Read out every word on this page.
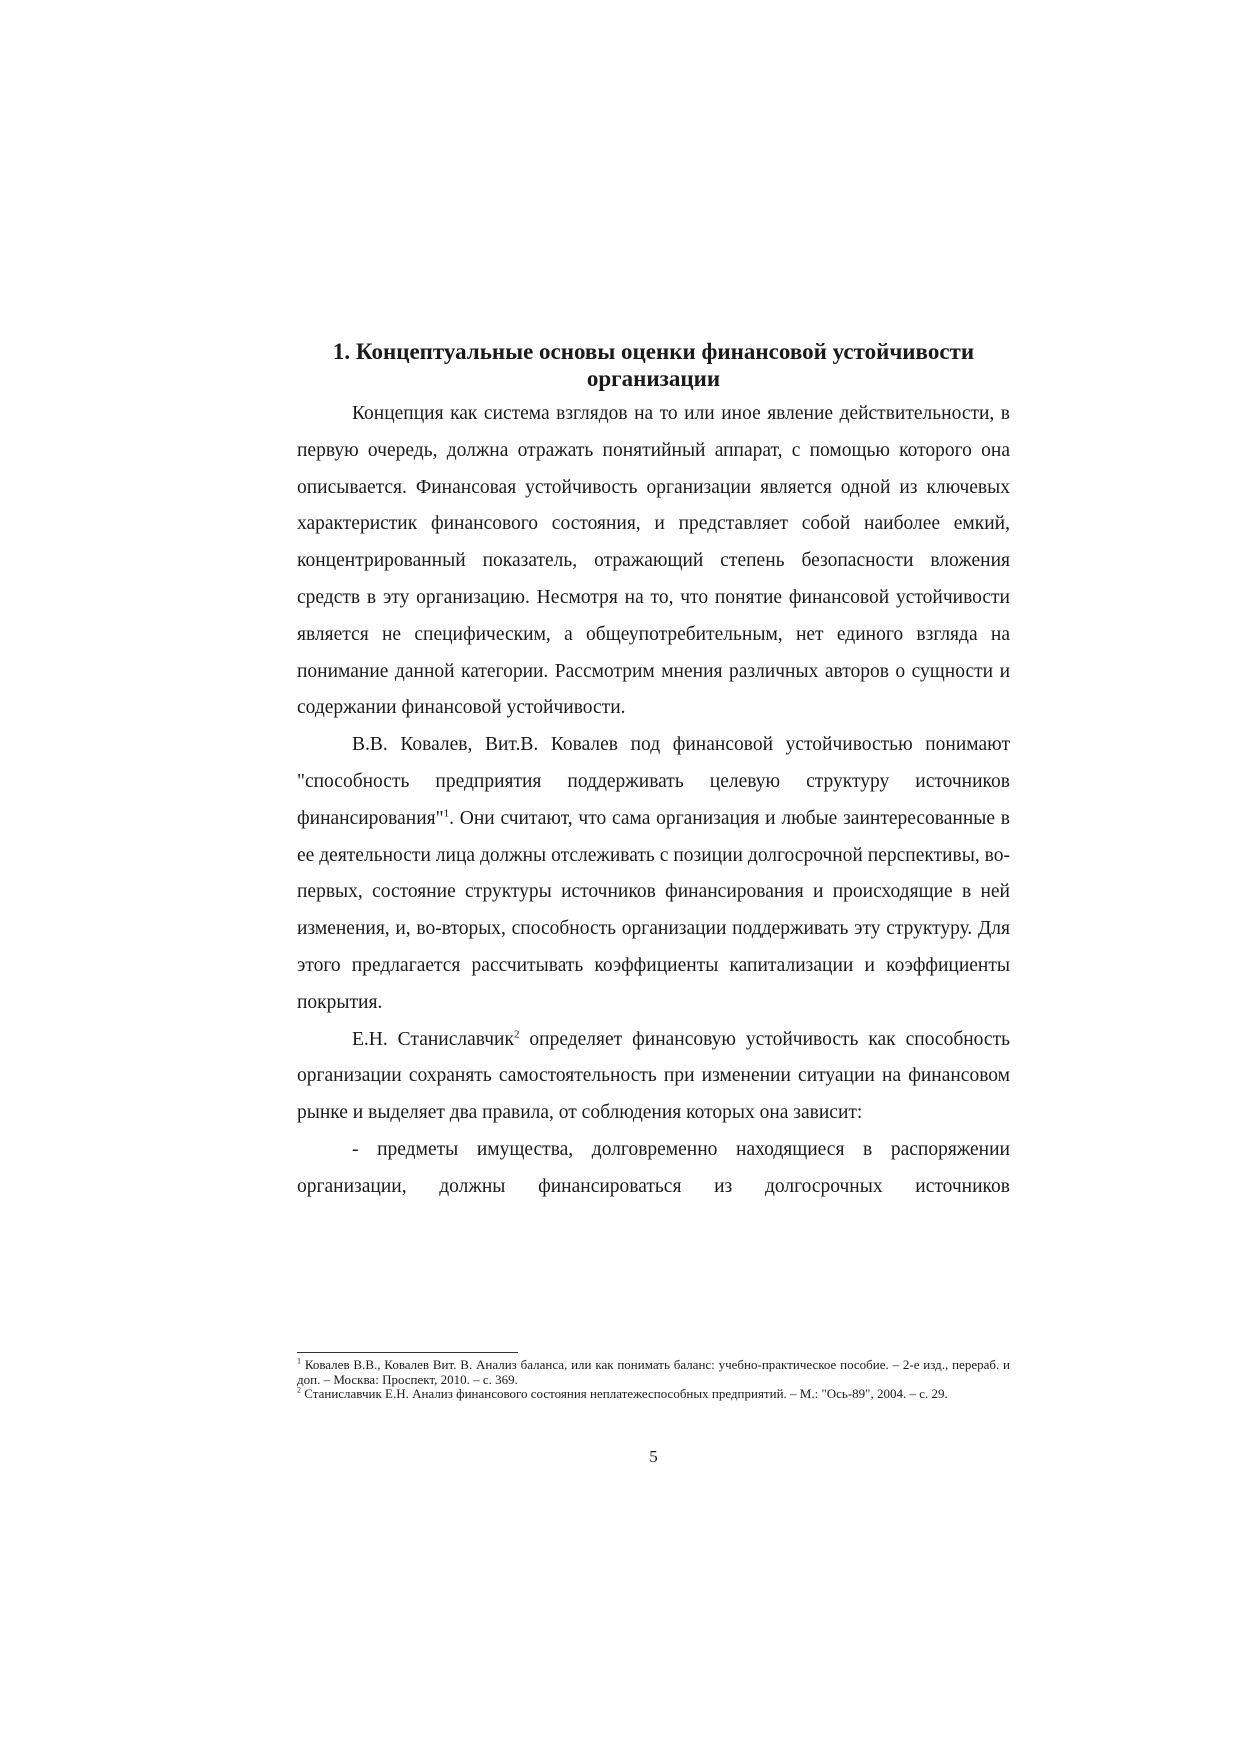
1. Концептуальные основы оценки финансовой устойчивости организации

Концепция как система взглядов на то или иное явление действительности, в первую очередь, должна отражать понятийный аппарат, с помощью которого она описывается. Финансовая устойчивость организации является одной из ключевых характеристик финансового состояния, и представляет собой наиболее емкий, концентрированный показатель, отражающий степень безопасности вложения средств в эту организацию. Несмотря на то, что понятие финансовой устойчивости является не специфическим, а общеупотребительным, нет единого взгляда на понимание данной категории. Рассмотрим мнения различных авторов о сущности и содержании финансовой устойчивости.

В.В. Ковалев, Вит.В. Ковалев под финансовой устойчивостью понимают "способность предприятия поддерживать целевую структуру источников финансирования"$^1$. Они считают, что сама организация и любые заинтересованные в ее деятельности лица должны отслеживать с позиции долгосрочной перспективы, во-первых, состояние структуры источников финансирования и происходящие в ней изменения, и, во-вторых, способность организации поддерживать эту структуру. Для этого предлагается рассчитывать коэффициенты капитализации и коэффициенты покрытия.

Е.Н. Станиславчик$^2$ определяет финансовую устойчивость как способность организации сохранять самостоятельность при изменении ситуации на финансовом рынке и выделяет два правила, от соблюдения которых она зависит:

- предметы имущества, долговременно находящиеся в распоряжении организации, должны финансироваться из долгосрочных источников

$^1$ Ковалев В.В., Ковалев Вит. В. Анализ баланса, или как понимать баланс: учебно-практическое пособие. – 2-е изд., перераб. и доп. – Москва: Проспект, 2010. – с. 369.

$^2$ Станиславчик Е.Н. Анализ финансового состояния неплатежеспособных предприятий. – М.: "Ось-89", 2004. – с. 29.

5
